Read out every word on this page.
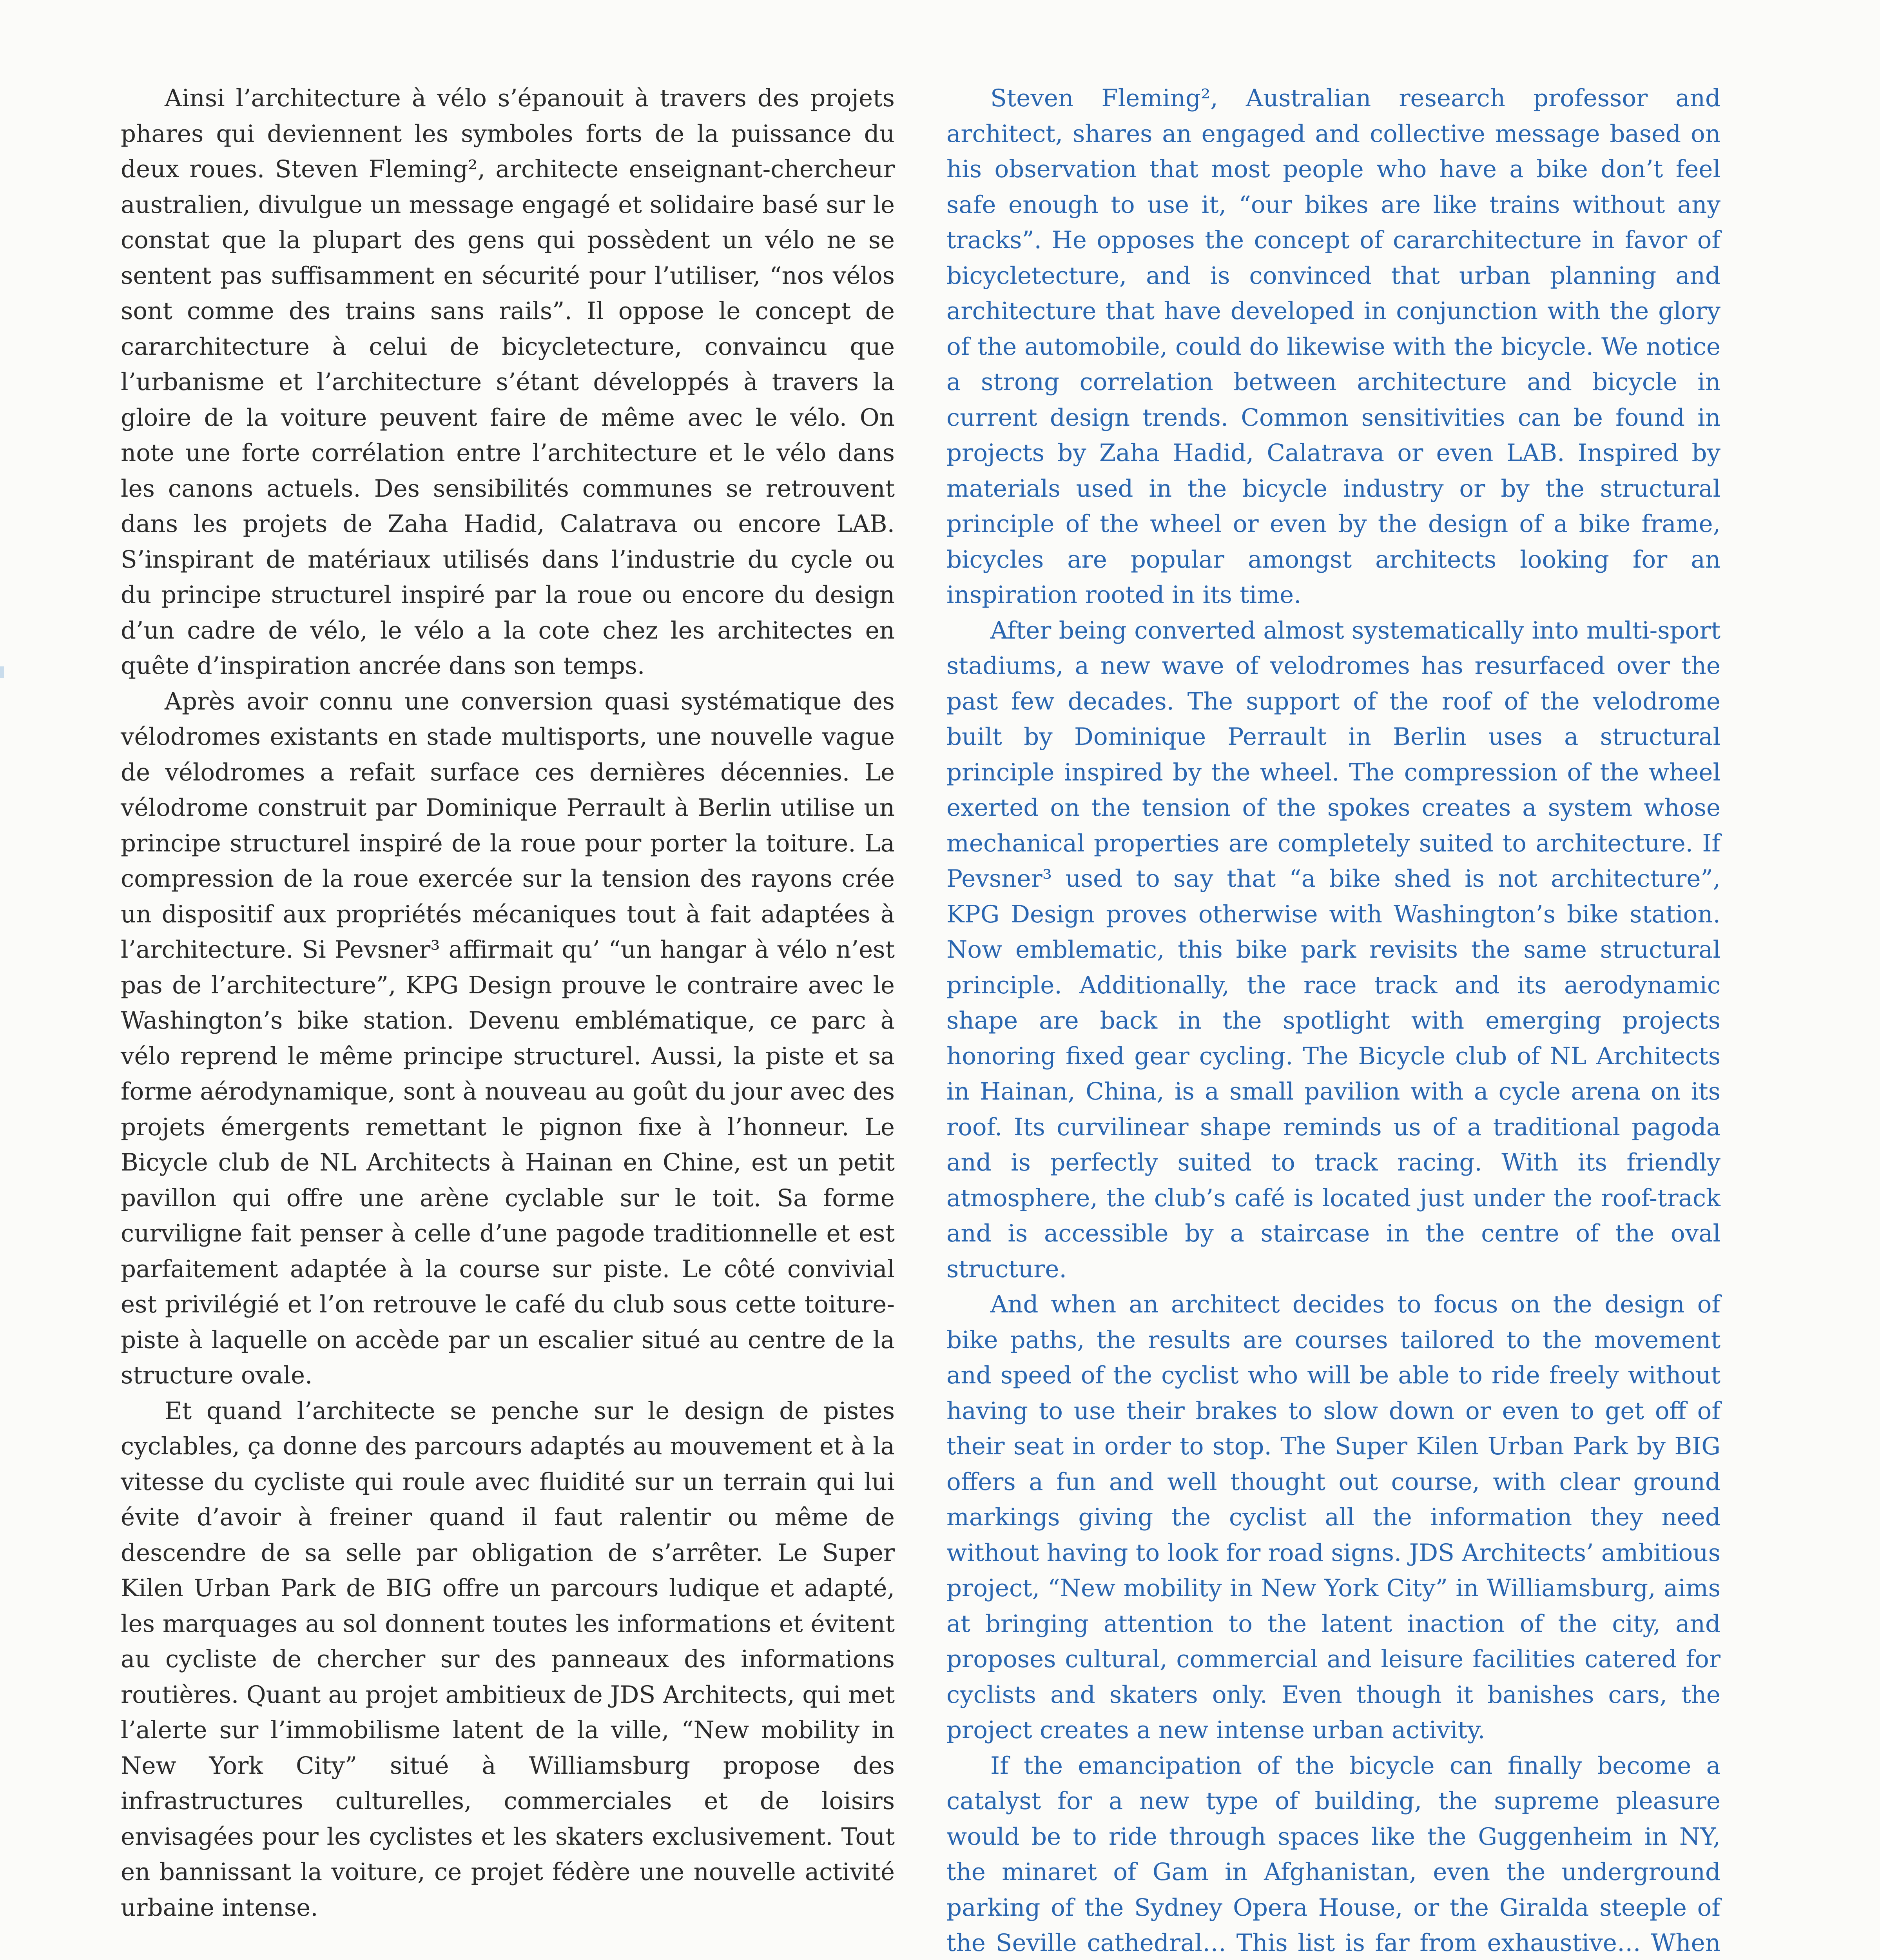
Ainsi l’architecture à vélo s’épanouit à travers des projets phares qui deviennent les symboles forts de la puissance du deux roues. Steven Fleming², architecte enseignant-chercheur australien, divulgue un message engagé et solidaire basé sur le constat que la plupart des gens qui possèdent un vélo ne se sentent pas suffisamment en sécurité pour l’utiliser, “nos vélos sont comme des trains sans rails”. Il oppose le concept de cararchitecture à celui de bicycletecture, convaincu que l’urbanisme et l’architecture s’étant développés à travers la gloire de la voiture peuvent faire de même avec le vélo. On note une forte corrélation entre l’architecture et le vélo dans les canons actuels. Des sensibilités communes se retrouvent dans les projets de Zaha Hadid, Calatrava ou encore LAB. S’inspirant de matériaux utilisés dans l’industrie du cycle ou du principe structurel inspiré par la roue ou encore du design d’un cadre de vélo, le vélo a la cote chez les architectes en quête d’inspiration ancrée dans son temps.

Après avoir connu une conversion quasi systématique des vélodromes existants en stade multisports, une nouvelle vague de vélodromes a refait surface ces dernières décennies. Le vélodrome construit par Dominique Perrault à Berlin utilise un principe structurel inspiré de la roue pour porter la toiture. La compression de la roue exercée sur la tension des rayons crée un dispositif aux propriétés mécaniques tout à fait adaptées à l’architecture. Si Pevsner³ affirmait qu’ “un hangar à vélo n’est pas de l’architecture”, KPG Design prouve le contraire avec le Washington’s bike station. Devenu emblématique, ce parc à vélo reprend le même principe structurel. Aussi, la piste et sa forme aérodynamique, sont à nouveau au goût du jour avec des projets émergents remettant le pignon fixe à l’honneur. Le Bicycle club de NL Architects à Hainan en Chine, est un petit pavillon qui offre une arène cyclable sur le toit. Sa forme curviligne fait penser à celle d’une pagode traditionnelle et est parfaitement adaptée à la course sur piste. Le côté convivial est privilégié et l’on retrouve le café du club sous cette toiture-piste à laquelle on accède par un escalier situé au centre de la structure ovale.

Et quand l’architecte se penche sur le design de pistes cyclables, ça donne des parcours adaptés au mouvement et à la vitesse du cycliste qui roule avec fluidité sur un terrain qui lui évite d’avoir à freiner quand il faut ralentir ou même de descendre de sa selle par obligation de s’arrêter. Le Super Kilen Urban Park de BIG offre un parcours ludique et adapté, les marquages au sol donnent toutes les informations et évitent au cycliste de chercher sur des panneaux des informations routières. Quant au projet ambitieux de JDS Architects, qui met l’alerte sur l’immobilisme latent de la ville, “New mobility in New York City” situé à Williamsburg propose des infrastructures culturelles, commerciales et de loisirs envisagées pour les cyclistes et les skaters exclusivement. Tout en bannissant la voiture, ce projet fédère une nouvelle activité urbaine intense.

Steven Fleming², Australian research professor and architect, shares an engaged and collective message based on his observation that most people who have a bike don’t feel safe enough to use it, “our bikes are like trains without any tracks”. He opposes the concept of cararchitecture in favor of bicycletecture, and is convinced that urban planning and architecture that have developed in conjunction with the glory of the automobile, could do likewise with the bicycle. We notice a strong correlation between architecture and bicycle in current design trends. Common sensitivities can be found in projects by Zaha Hadid, Calatrava or even LAB. Inspired by materials used in the bicycle industry or by the structural principle of the wheel or even by the design of a bike frame, bicycles are popular amongst architects looking for an inspiration rooted in its time.

After being converted almost systematically into multi-sport stadiums, a new wave of velodromes has resurfaced over the past few decades. The support of the roof of the velodrome built by Dominique Perrault in Berlin uses a structural principle inspired by the wheel. The compression of the wheel exerted on the tension of the spokes creates a system whose mechanical properties are completely suited to architecture. If Pevsner³ used to say that “a bike shed is not architecture”, KPG Design proves otherwise with Washington’s bike station. Now emblematic, this bike park revisits the same structural principle. Additionally, the race track and its aerodynamic shape are back in the spotlight with emerging projects honoring fixed gear cycling. The Bicycle club of NL Architects in Hainan, China, is a small pavilion with a cycle arena on its roof. Its curvilinear shape reminds us of a traditional pagoda and is perfectly suited to track racing. With its friendly atmosphere, the club’s café is located just under the roof-track and is accessible by a staircase in the centre of the oval structure.

And when an architect decides to focus on the design of bike paths, the results are courses tailored to the movement and speed of the cyclist who will be able to ride freely without having to use their brakes to slow down or even to get off of their seat in order to stop. The Super Kilen Urban Park by BIG offers a fun and well thought out course, with clear ground markings giving the cyclist all the information they need without having to look for road signs. JDS Architects’ ambitious project, “New mobility in New York City” in Williamsburg, aims at bringing attention to the latent inaction of the city, and proposes cultural, commercial and leisure facilities catered for cyclists and skaters only. Even though it banishes cars, the project creates a new intense urban activity.

If the emancipation of the bicycle can finally become a catalyst for a new type of building, the supreme pleasure would be to ride through spaces like the Guggenheim in NY, the minaret of Gam in Afghanistan, even the underground parking of the Sydney Opera House, or the Giralda steeple of the Seville cathedral… This list is far from exhaustive… When
